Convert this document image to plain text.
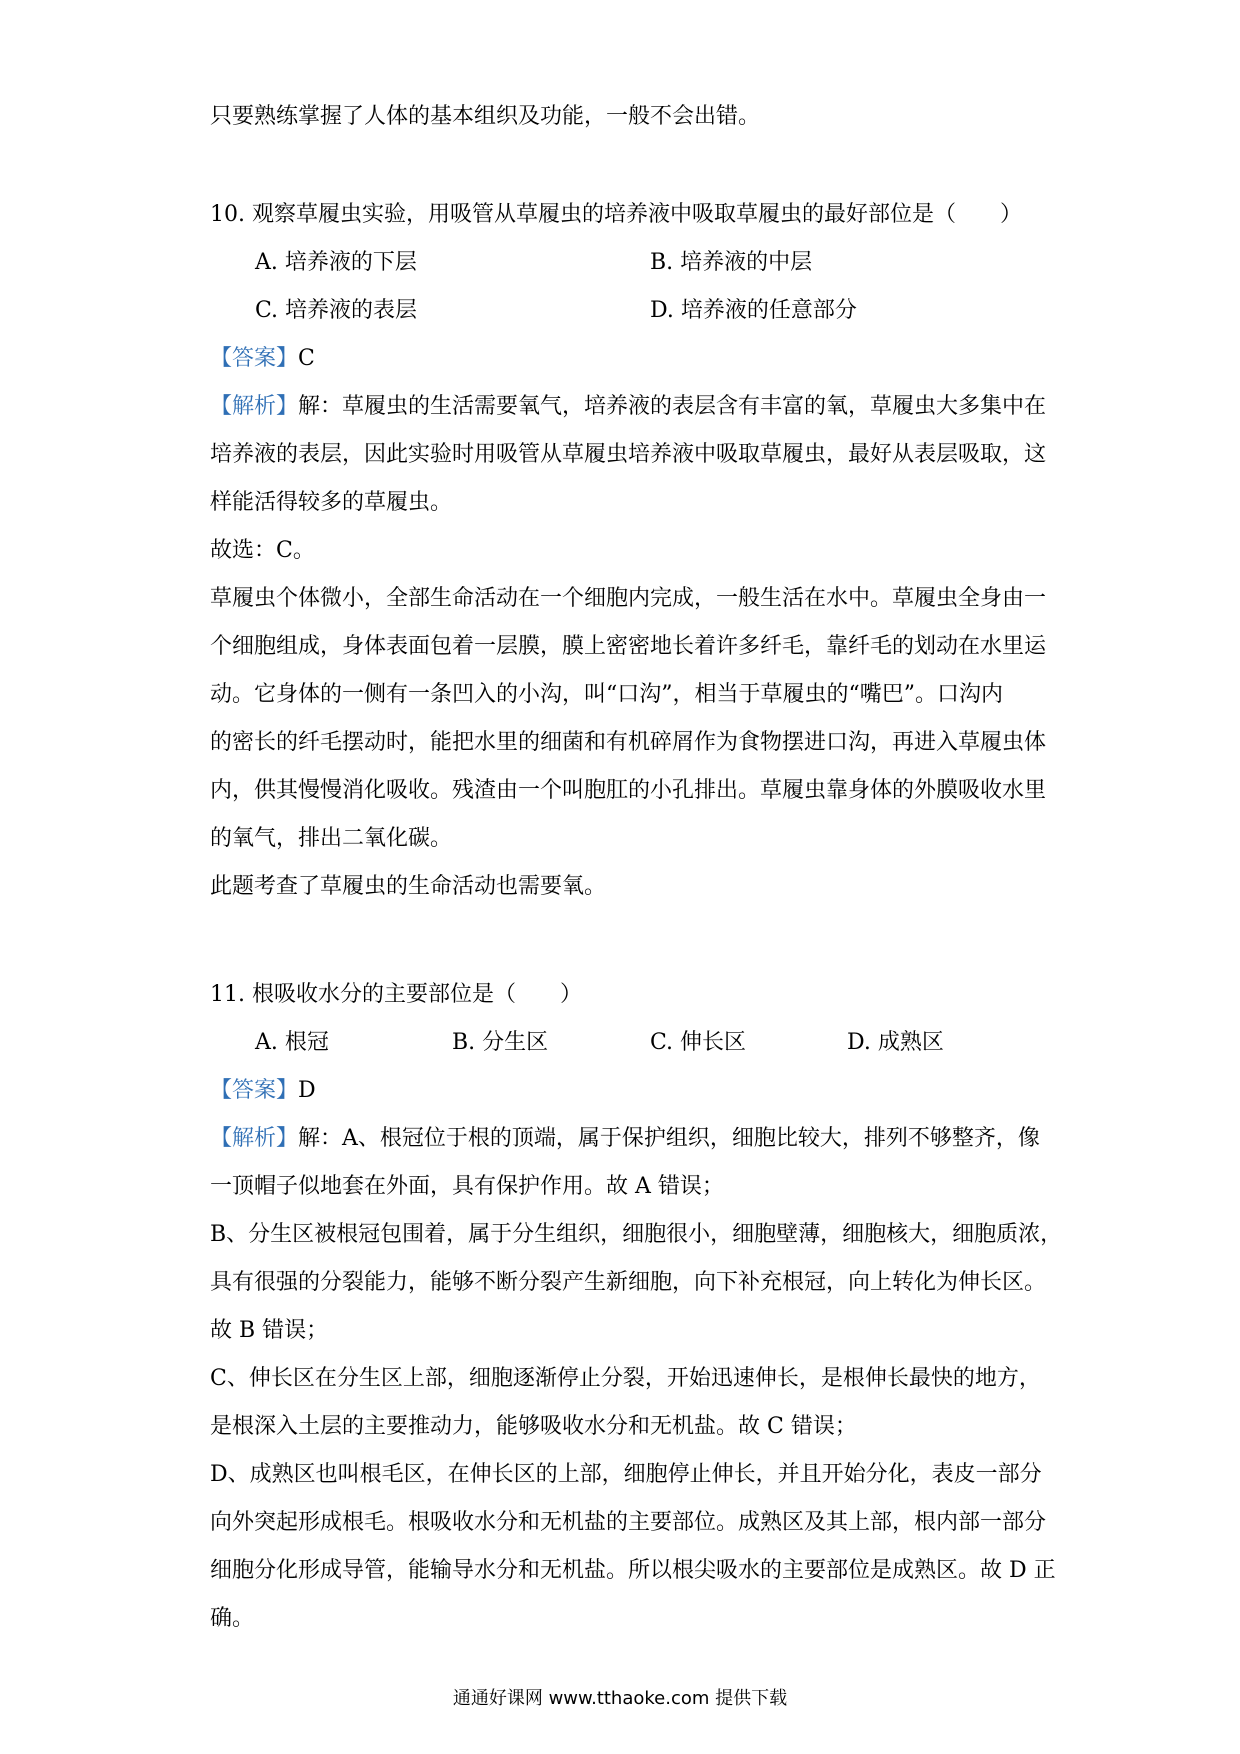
只要熟练掌握了人体的基本组织及功能，一般不会出错。
10. 观察草履虫实验，用吸管从草履虫的培养液中吸取草履虫的最好部位是（　　）
A. 培养液的下层	B. 培养液的中层
C. 培养液的表层	D. 培养液的任意部分
【答案】C
【解析】解：草履虫的生活需要氧气，培养液的表层含有丰富的氧，草履虫大多集中在
培养液的表层，因此实验时用吸管从草履虫培养液中吸取草履虫，最好从表层吸取，这
样能活得较多的草履虫。
故选：C。
草履虫个体微小，全部生命活动在一个细胞内完成，一般生活在水中。草履虫全身由一
个细胞组成，身体表面包着一层膜，膜上密密地长着许多纤毛，靠纤毛的划动在水里运
动。它身体的一侧有一条凹入的小沟，叫“口沟”，相当于草履虫的“嘴巴”。口沟内
的密长的纤毛摆动时，能把水里的细菌和有机碎屑作为食物摆进口沟，再进入草履虫体
内，供其慢慢消化吸收。残渣由一个叫胞肛的小孔排出。草履虫靠身体的外膜吸收水里
的氧气，排出二氧化碳。
此题考查了草履虫的生命活动也需要氧。
11. 根吸收水分的主要部位是（　　）
A. 根冠	B. 分生区	C. 伸长区	D. 成熟区
【答案】D
【解析】解：A、根冠位于根的顶端，属于保护组织，细胞比较大，排列不够整齐，像
一顶帽子似地套在外面，具有保护作用。故 A 错误；
B、分生区被根冠包围着，属于分生组织，细胞很小，细胞壁薄，细胞核大，细胞质浓，
具有很强的分裂能力，能够不断分裂产生新细胞，向下补充根冠，向上转化为伸长区。
故 B 错误；
C、伸长区在分生区上部，细胞逐渐停止分裂，开始迅速伸长，是根伸长最快的地方，
是根深入土层的主要推动力，能够吸收水分和无机盐。故 C 错误；
D、成熟区也叫根毛区，在伸长区的上部，细胞停止伸长，并且开始分化，表皮一部分
向外突起形成根毛。根吸收水分和无机盐的主要部位。成熟区及其上部，根内部一部分
细胞分化形成导管，能输导水分和无机盐。所以根尖吸水的主要部位是成熟区。故 D 正
确。
通通好课网 www.tthaoke.com 提供下载
